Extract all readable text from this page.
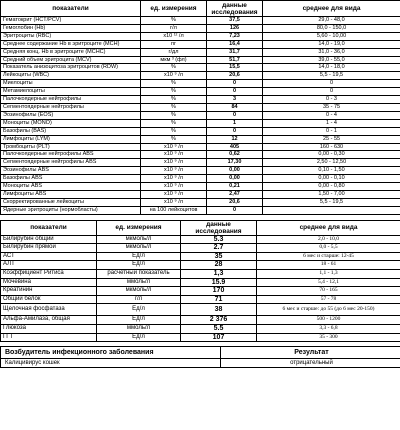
показатели	ед. измерения	данные исследования	среднее для вида
Гематокрит (HCT/PCV)	%	37,5	29,0 - 48,0
Гемоглобин (Hb)	г/л	126	80,0 - 150,0
Эритроциты (RBC)	x10 ¹² /л	7,23	5,60 - 10,00
Среднее содержание Hb в эритроците (MCH)	пг	16,4	14,0 - 19,0
Средняя конц. Hb в эритроците (MCHC)	г/дл	31,7	31,0 - 36,0
Средний объем эритроцита (MCV)	мкм ³ (фл)	51,7	39,0 - 55,0
Показатель анизоцитоза эритроцитов (RDW)	%	15,5	14,0 - 18,0
Лейкоциты (WBC)	x10 ⁹ /л	20,6	5,5 - 19,5
Миелоциты	%	0	0
Метамиелоциты	%	0	0
Палочкоядерные нейтрофилы	%	3	0 - 3
Сегментоядерные нейтрофилы	%	84	35 - 75
Эозинофилы (EOS)	%	0	0 - 4
Моноциты (MONO)	%	1	1 - 4
Базофилы (BAS)	%	0	0 - 1
Лимфоциты (LYM)	%	12	25 - 55
Тромбоциты (PLT)	x10 ⁹ /л	405	160 - 630
Палочкоядерные нейтрофилы ABS	x10 ⁹ /л	0,62	0,00 - 0,30
Сегментоядерные нейтрофилы ABS	x10 ⁹ /л	17,30	2,50 - 12,50
Эозинофилы ABS	x10 ⁹ /л	0,00	0,10 - 1,50
Базофилы ABS	x10 ⁹ /л	0,00	0,00 - 0,10
Моноциты ABS	x10 ⁹ /л	0,21	0,00 - 0,80
Лимфоциты ABS	x10 ⁹ /л	2,47	1,50 - 7,00
Скорректированные лейкоциты	x10 ⁹ /л	20,6	5,5 - 19,5
Ядерные эритроциты (нормобласты)	на 100 лейкоцитов	0	
показатели	ед. измерения	данные исследования	среднее для вида
Билирубин общий	мкмоль/л	5.3	2,0 - 10,0
Билирубин прямой	мкмоль/л	2.7	0,0 - 5,5
АСТ	Ед/л	35	6 мес и старше: 12-45
АЛТ	Ед/л	28	18 - 61
Коэффициент Ритиса	расчетный показатель	1,3	1,1 - 1,3
Мочевина	ммоль/л	15.9	5,4 - 12,1
Креатинин	мкмоль/л	170	70 - 165
Общий белок	г/л	71	57 - 78
Щелочная фосфатаза	Ед/л	38	6 мес и старше: до 55 (до 6 мес 20-150)
Альфа-Амилаза, общая	Ед/л	2 376	500 - 1200
Глюкоза	ммоль/л	5.5	3,3 - 6,8
ГГТ	Ед/л	107	35 - 300
Возбудитель инфекционного заболевания	Результат
Калицивирус кошек	отрицательный
